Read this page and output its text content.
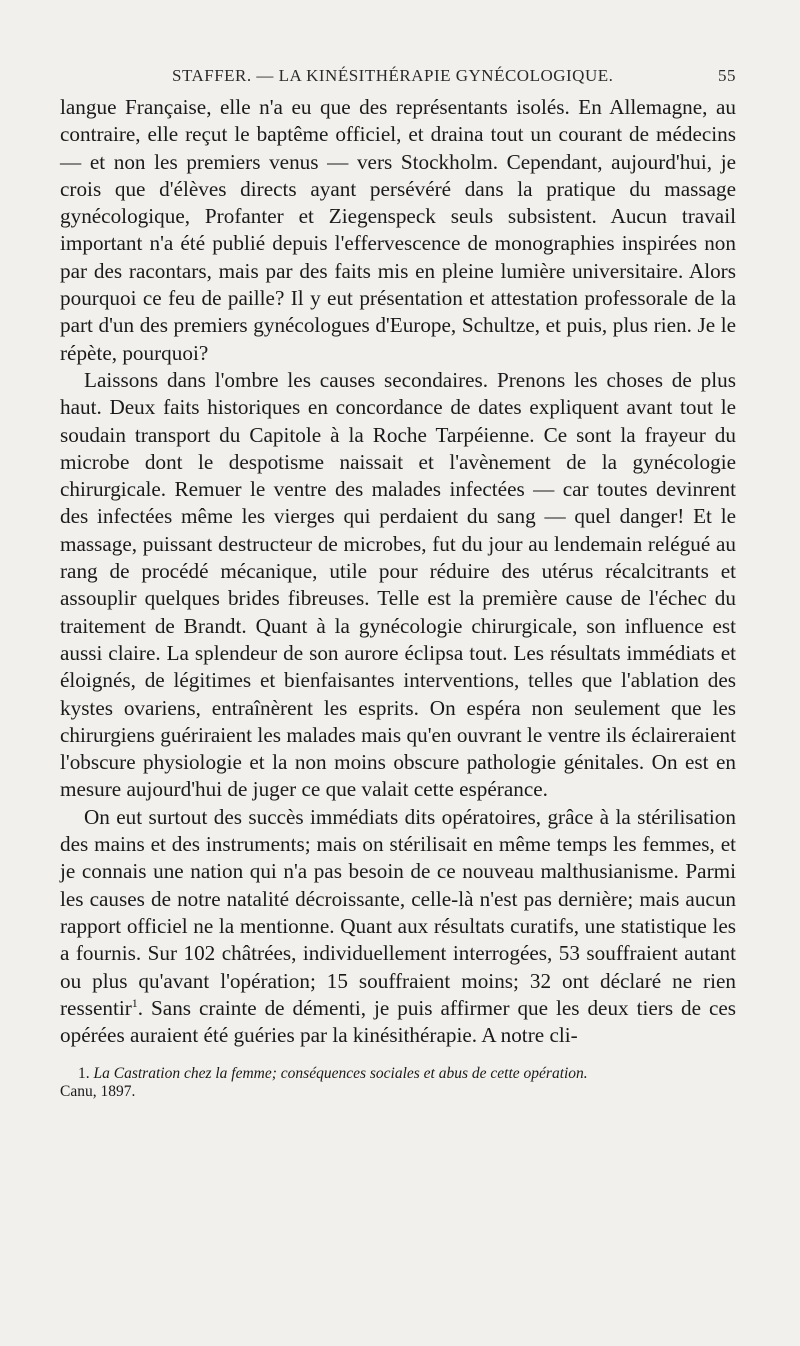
STAFFER. — LA KINÉSITHÉRAPIE GYNÉCOLOGIQUE.	55

langue Française, elle n'a eu que des représentants isolés. En Allemagne, au contraire, elle reçut le baptême officiel, et draina tout un courant de médecins — et non les premiers venus — vers Stockholm. Cependant, aujourd'hui, je crois que d'élèves directs ayant persévéré dans la pratique du massage gynécologique, Profanter et Ziegenspeck seuls subsistent. Aucun travail important n'a été publié depuis l'effervescence de monographies inspirées non par des racontars, mais par des faits mis en pleine lumière universitaire. Alors pourquoi ce feu de paille? Il y eut présentation et attestation professorale de la part d'un des premiers gynécologues d'Europe, Schultze, et puis, plus rien. Je le répète, pourquoi?

Laissons dans l'ombre les causes secondaires. Prenons les choses de plus haut. Deux faits historiques en concordance de dates expliquent avant tout le soudain transport du Capitole à la Roche Tarpéienne. Ce sont la frayeur du microbe dont le despotisme naissait et l'avènement de la gynécologie chirurgicale. Remuer le ventre des malades infectées — car toutes devinrent des infectées même les vierges qui perdaient du sang — quel danger! Et le massage, puissant destructeur de microbes, fut du jour au lendemain relégué au rang de procédé mécanique, utile pour réduire des utérus récalcitrants et assouplir quelques brides fibreuses. Telle est la première cause de l'échec du traitement de Brandt. Quant à la gynécologie chirurgicale, son influence est aussi claire. La splendeur de son aurore éclipsa tout. Les résultats immédiats et éloignés, de légitimes et bienfaisantes interventions, telles que l'ablation des kystes ovariens, entraînèrent les esprits. On espéra non seulement que les chirurgiens guériraient les malades mais qu'en ouvrant le ventre ils éclaireraient l'obscure physiologie et la non moins obscure pathologie génitales. On est en mesure aujourd'hui de juger ce que valait cette espérance.

On eut surtout des succès immédiats dits opératoires, grâce à la stérilisation des mains et des instruments; mais on stérilisait en même temps les femmes, et je connais une nation qui n'a pas besoin de ce nouveau malthusianisme. Parmi les causes de notre natalité décroissante, celle-là n'est pas dernière; mais aucun rapport officiel ne la mentionne. Quant aux résultats curatifs, une statistique les a fournis. Sur 102 châtrées, individuellement interrogées, 53 souffraient autant ou plus qu'avant l'opération; 15 souffraient moins; 32 ont déclaré ne rien ressentir$^1$. Sans crainte de démenti, je puis affirmer que les deux tiers de ces opérées auraient été guéries par la kinésithérapie. A notre cli-

1. La Castration chez la femme; conséquences sociales et abus de cette opération.
Canu, 1897.
